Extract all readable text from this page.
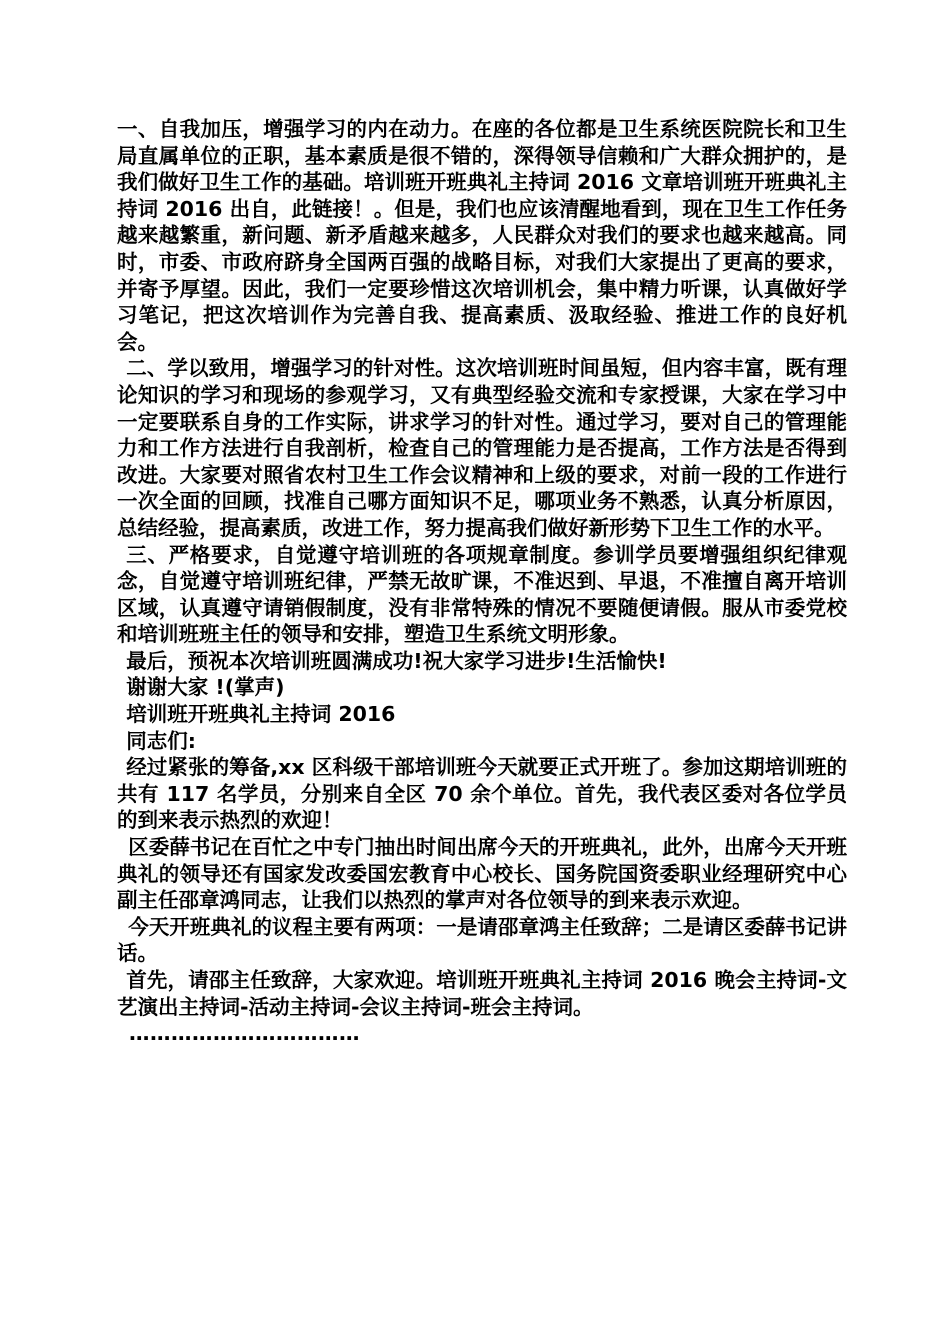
一、自我加压，增强学习的内在动力。在座的各位都是卫生系统医院院长和卫生局直属单位的正职，基本素质是很不错的，深得领导信赖和广大群众拥护的，是我们做好卫生工作的基础。培训班开班典礼主持词 2016 文章培训班开班典礼主持词 2016 出自，此链接！。但是，我们也应该清醒地看到，现在卫生工作任务越来越繁重，新问题、新矛盾越来越多，人民群众对我们的要求也越来越高。同时，市委、市政府跻身全国两百强的战略目标，对我们大家提出了更高的要求，并寄予厚望。因此，我们一定要珍惜这次培训机会，集中精力听课，认真做好学习笔记，把这次培训作为完善自我、提高素质、汲取经验、推进工作的良好机会。

二、学以致用，增强学习的针对性。这次培训班时间虽短，但内容丰富，既有理论知识的学习和现场的参观学习，又有典型经验交流和专家授课，大家在学习中一定要联系自身的工作实际，讲求学习的针对性。通过学习，要对自己的管理能力和工作方法进行自我剖析，检查自己的管理能力是否提高，工作方法是否得到改进。大家要对照省农村卫生工作会议精神和上级的要求，对前一段的工作进行一次全面的回顾，找准自己哪方面知识不足，哪项业务不熟悉，认真分析原因，总结经验，提高素质，改进工作，努力提高我们做好新形势下卫生工作的水平。

三、严格要求，自觉遵守培训班的各项规章制度。参训学员要增强组织纪律观念，自觉遵守培训班纪律，严禁无故旷课，不准迟到、早退，不准擅自离开培训区域，认真遵守请销假制度，没有非常特殊的情况不要随便请假。服从市委党校和培训班班主任的领导和安排，塑造卫生系统文明形象。

最后，预祝本次培训班圆满成功!祝大家学习进步!生活愉快!

谢谢大家 !(掌声)

培训班开班典礼主持词 2016

同志们:

经过紧张的筹备,xx 区科级干部培训班今天就要正式开班了。参加这期培训班的共有 117 名学员，分别来自全区 70 余个单位。首先，我代表区委对各位学员的到来表示热烈的欢迎！

区委薛书记在百忙之中专门抽出时间出席今天的开班典礼，此外，出席今天开班典礼的领导还有国家发改委国宏教育中心校长、国务院国资委职业经理研究中心副主任邵章鸿同志，让我们以热烈的掌声对各位领导的到来表示欢迎。

今天开班典礼的议程主要有两项：一是请邵章鸿主任致辞；二是请区委薛书记讲话。

首先，请邵主任致辞，大家欢迎。培训班开班典礼主持词 2016 晚会主持词-文艺演出主持词-活动主持词-会议主持词-班会主持词。

……………………………
